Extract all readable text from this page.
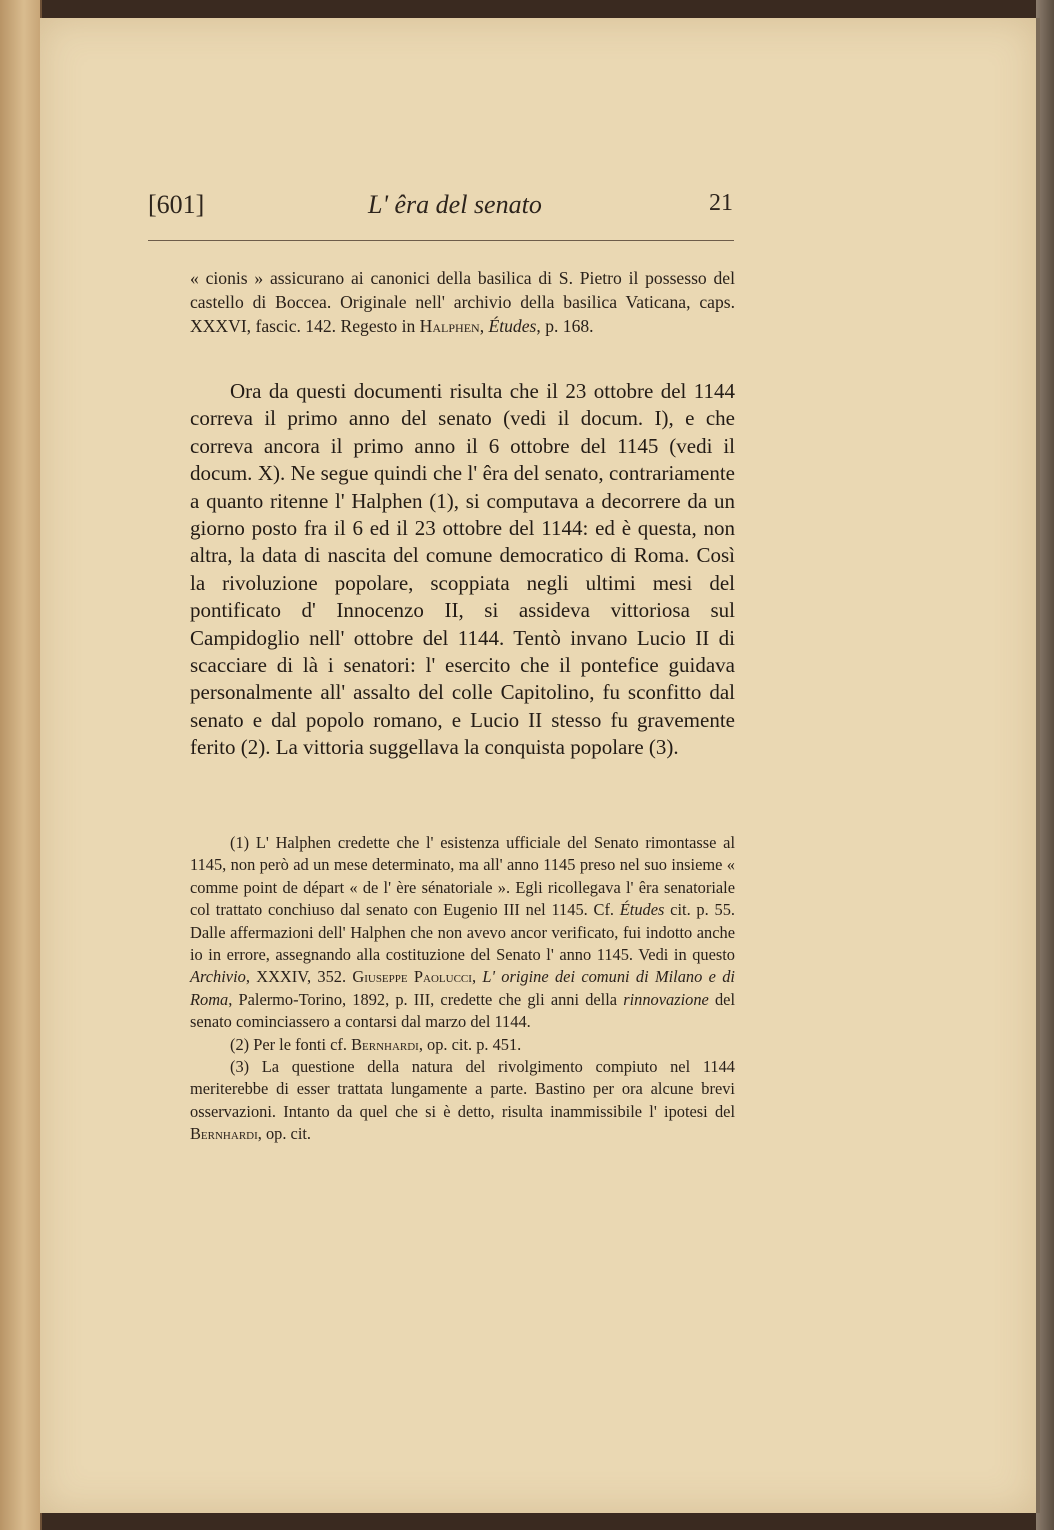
[601]	L' êra del senato	21

« cionis » assicurano ai canonici della basilica di S. Pietro il possesso del castello di Boccea. Originale nell' archivio della basilica Vaticana, caps. XXXVI, fascic. 142. Regesto in Halphen, Études, p. 168.

Ora da questi documenti risulta che il 23 ottobre del 1144 correva il primo anno del senato (vedi il docum. I), e che correva ancora il primo anno il 6 ottobre del 1145 (vedi il docum. X). Ne segue quindi che l' êra del senato, contrariamente a quanto ritenne l' Halphen (1), si computava a decorrere da un giorno posto fra il 6 ed il 23 ottobre del 1144: ed è questa, non altra, la data di nascita del comune democratico di Roma. Così la rivoluzione popolare, scoppiata negli ultimi mesi del pontificato d' Innocenzo II, si assideva vittoriosa sul Campidoglio nell' ottobre del 1144. Tentò invano Lucio II di scacciare di là i senatori: l' esercito che il pontefice guidava personalmente all' assalto del colle Capitolino, fu sconfitto dal senato e dal popolo romano, e Lucio II stesso fu gravemente ferito (2). La vittoria suggellava la conquista popolare (3).

(1) L' Halphen credette che l' esistenza ufficiale del Senato rimontasse al 1145, non però ad un mese determinato, ma all' anno 1145 preso nel suo insieme « comme point de départ « de l' ère sénatoriale ». Egli ricollegava l' êra senatoriale col trattato conchiuso dal senato con Eugenio III nel 1145. Cf. Études cit. p. 55. Dalle affermazioni dell' Halphen che non avevo ancor verificato, fui indotto anche io in errore, assegnando alla costituzione del Senato l' anno 1145. Vedi in questo Archivio, XXXIV, 352. Giuseppe Paolucci, L' origine dei comuni di Milano e di Roma, Palermo-Torino, 1892, p. III, credette che gli anni della rinnovazione del senato cominciassero a contarsi dal marzo del 1144.

(2) Per le fonti cf. Bernhardi, op. cit. p. 451.

(3) La questione della natura del rivolgimento compiuto nel 1144 meriterebbe di esser trattata lungamente a parte. Bastino per ora alcune brevi osservazioni. Intanto da quel che si è detto, risulta inammissibile l' ipotesi del Bernhardi, op. cit.
